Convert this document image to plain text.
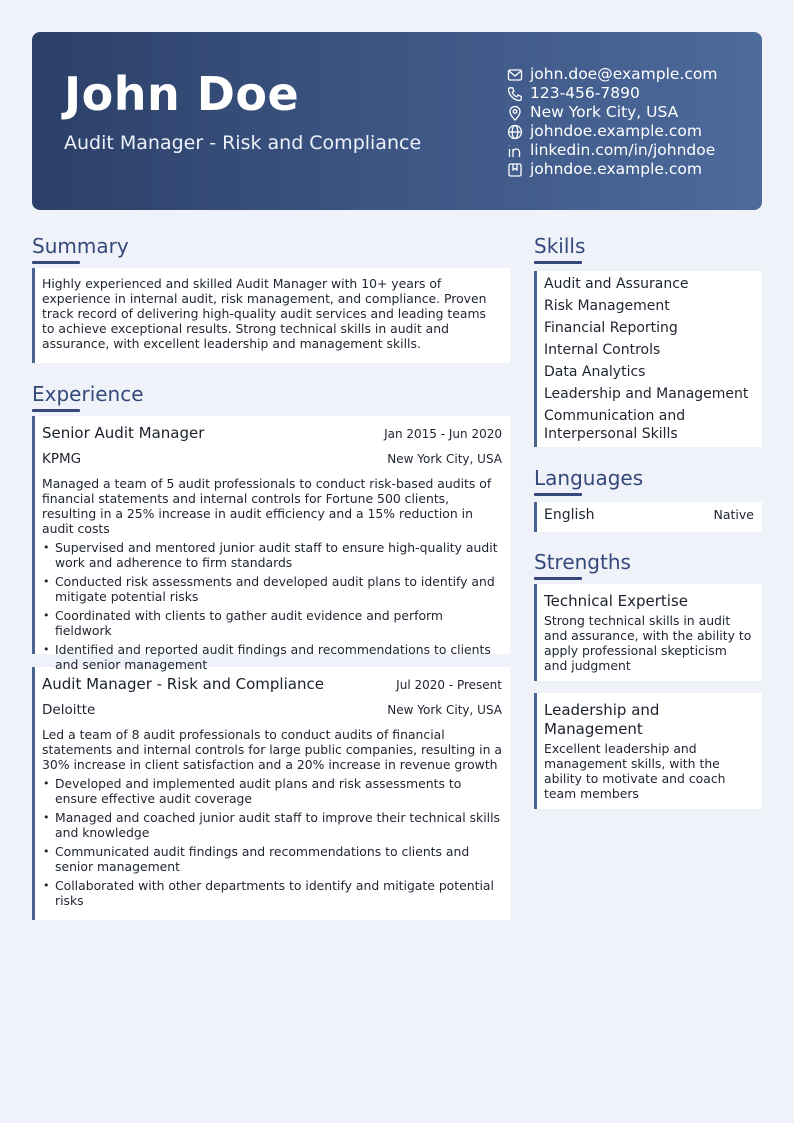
John Doe
Audit Manager - Risk and Compliance
john.doe@example.com
123-456-7890
New York City, USA
johndoe.example.com
linkedin.com/in/johndoe
johndoe.example.com
Summary

Highly experienced and skilled Audit Manager with 10+ years of experience in internal audit, risk management, and compliance. Proven track record of delivering high-quality audit services and leading teams to achieve exceptional results. Strong technical skills in audit and assurance, with excellent leadership and management skills.

Experience
Senior Audit Manager	Jan 2015 - Jun 2020
KPMG	New York City, USA

Managed a team of 5 audit professionals to conduct risk-based audits of financial statements and internal controls for Fortune 500 clients, resulting in a 25% increase in audit efficiency and a 15% reduction in audit costs

• Supervised and mentored junior audit staff to ensure high-quality audit work and adherence to firm standards
• Conducted risk assessments and developed audit plans to identify and mitigate potential risks
• Coordinated with clients to gather audit evidence and perform fieldwork
• Identified and reported audit findings and recommendations to clients and senior management
Audit Manager - Risk and Compliance	Jul 2020 - Present
Deloitte	New York City, USA

Led a team of 8 audit professionals to conduct audits of financial statements and internal controls for large public companies, resulting in a 30% increase in client satisfaction and a 20% increase in revenue growth

• Developed and implemented audit plans and risk assessments to ensure effective audit coverage
• Managed and coached junior audit staff to improve their technical skills and knowledge
• Communicated audit findings and recommendations to clients and senior management
• Collaborated with other departments to identify and mitigate potential risks
Skills
Audit and Assurance
Risk Management
Financial Reporting
Internal Controls
Data Analytics
Leadership and Management
Communication and Interpersonal Skills
Languages
English	Native
Strengths
Technical Expertise

Strong technical skills in audit and assurance, with the ability to apply professional skepticism and judgment

Leadership and Management

Excellent leadership and management skills, with the ability to motivate and coach team members
